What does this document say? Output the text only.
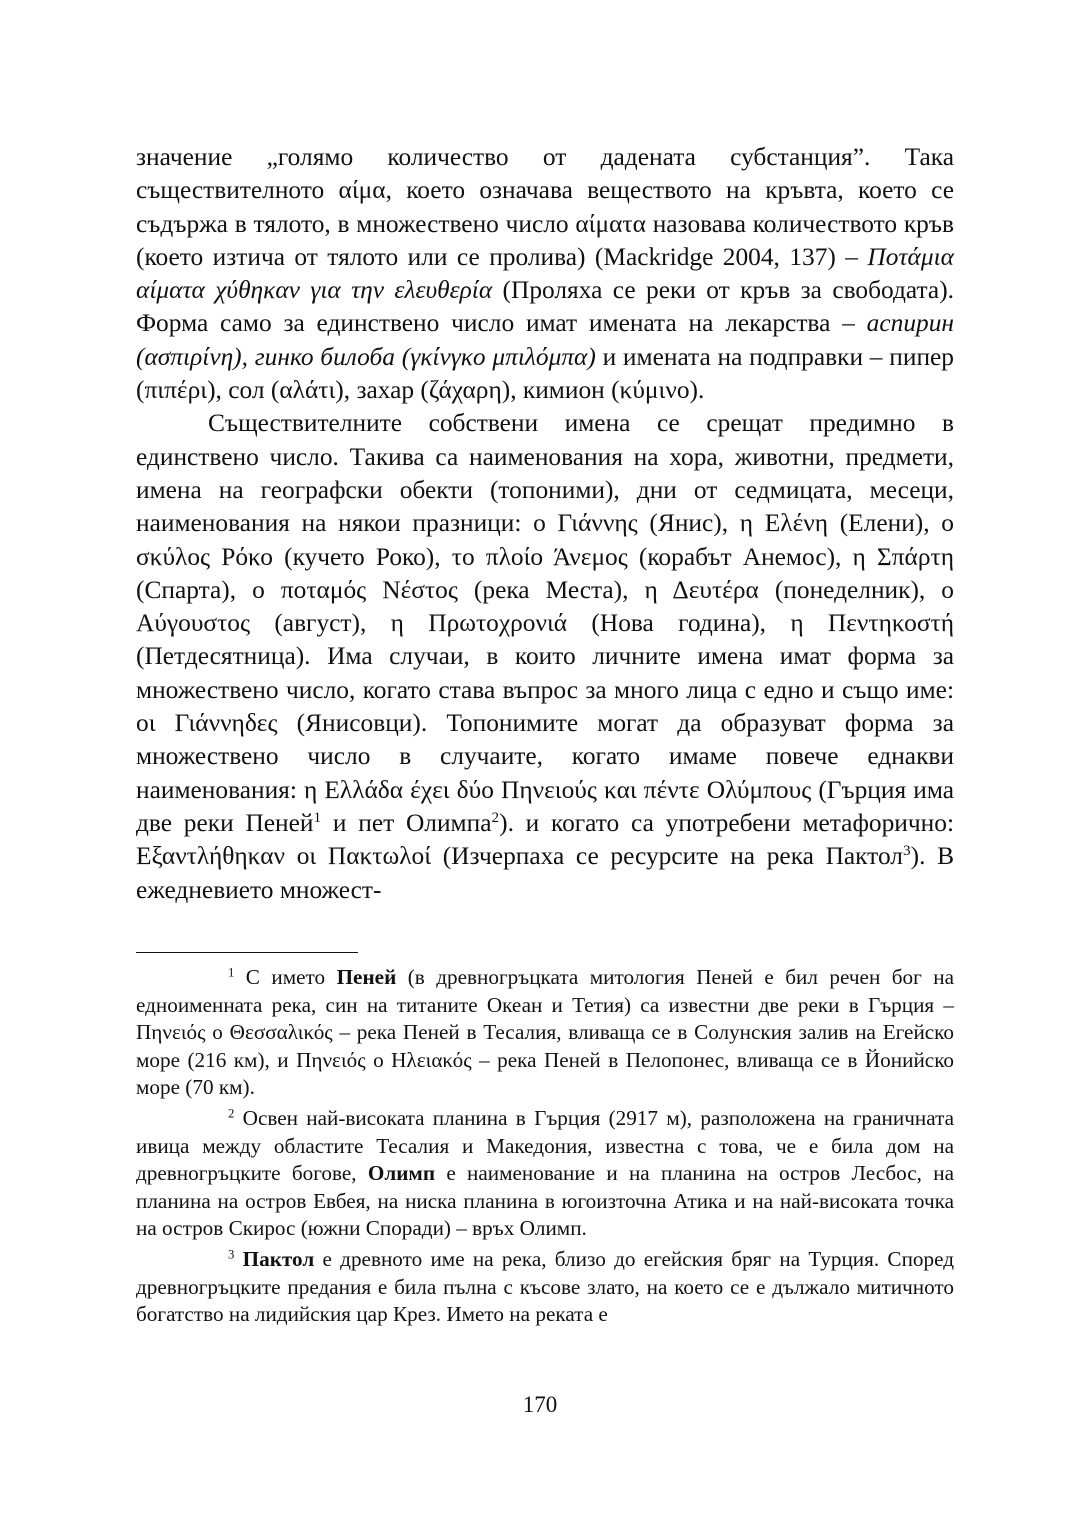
значение „голямо количество от дадената субстанция”. Така съществителното αίμα, което означава веществото на кръвта, което се съдържа в тялото, в множествено число αίματα назовава количеството кръв (което изтича от тялото или се пролива) (Mackridge 2004, 137) – Ποτάμια αίματα χύθηκαν για την ελευθερία (Проляха се реки от кръв за свободата). Форма само за единствено число имат имената на лекарства – аспирин (ασπιρίνη), гинко билоба (γκίνγκο μπιλόμπα) и имената на подправки – пипер (πιπέρι), сол (αλάτι), захар (ζάχαρη), кимион (κύμινο).

Съществителните собствени имена се срещат предимно в единствено число. Такива са наименования на хора, животни, предмети, имена на географски обекти (топоними), дни от седмицата, месеци, наименования на някои празници: ο Γιάννης (Янис), η Ελένη (Елени), ο σκύλος Ρόκο (кучето Роко), το πλοίο Άνεμος (корабът Анемос), η Σπάρτη (Спарта), ο ποταμός Νέστος (река Места), η Δευτέρα (понеделник), ο Αύγουστος (август), η Πρωτοχρονιά (Нова година), η Πεντηκοστή (Петдесятница). Има случаи, в които личните имена имат форма за множествено число, когато става въпрос за много лица с едно и също име: οι Γιάννηδες (Янисовци). Топонимите могат да образуват форма за множествено число в случаите, когато имаме повече еднакви наименования: η Ελλάδα έχει δύο Πηνειούς και πέντε Ολύμπους (Гърция има две реки Пеней$^1$ и пет Олимпа$^2$). и когато са употребени метафорично: Εξαντλήθηκαν οι Πακτωλοί (Изчерпаха се ресурсите на река Пактол$^3$). В ежедневието множест-

$^1$ С името Пеней (в древногръцката митология Пеней е бил речен бог на едноименната река, син на титаните Океан и Тетия) са известни две реки в Гърция – Πηνειός ο Θεσσαλικός – река Пеней в Тесалия, вливаща се в Солунския залив на Егейско море (216 км), и Πηνειός ο Ηλειακός – река Пеней в Пелопонес, вливаща се в Йонийско море (70 км).

$^2$ Освен най-високата планина в Гърция (2917 м), разположена на граничната ивица между областите Тесалия и Македония, известна с това, че е била дом на древногръцките богове, Олимп е наименование и на планина на остров Лесбос, на планина на остров Евбея, на ниска планина в югоизточна Атика и на най-високата точка на остров Скирос (южни Споради) – връх Олимп.

$^3$ Пактол е древното име на река, близо до егейския бряг на Турция. Според древногръцките предания е била пълна с късове злато, на което се е дължало митичното богатство на лидийския цар Крез. Името на реката е

170
